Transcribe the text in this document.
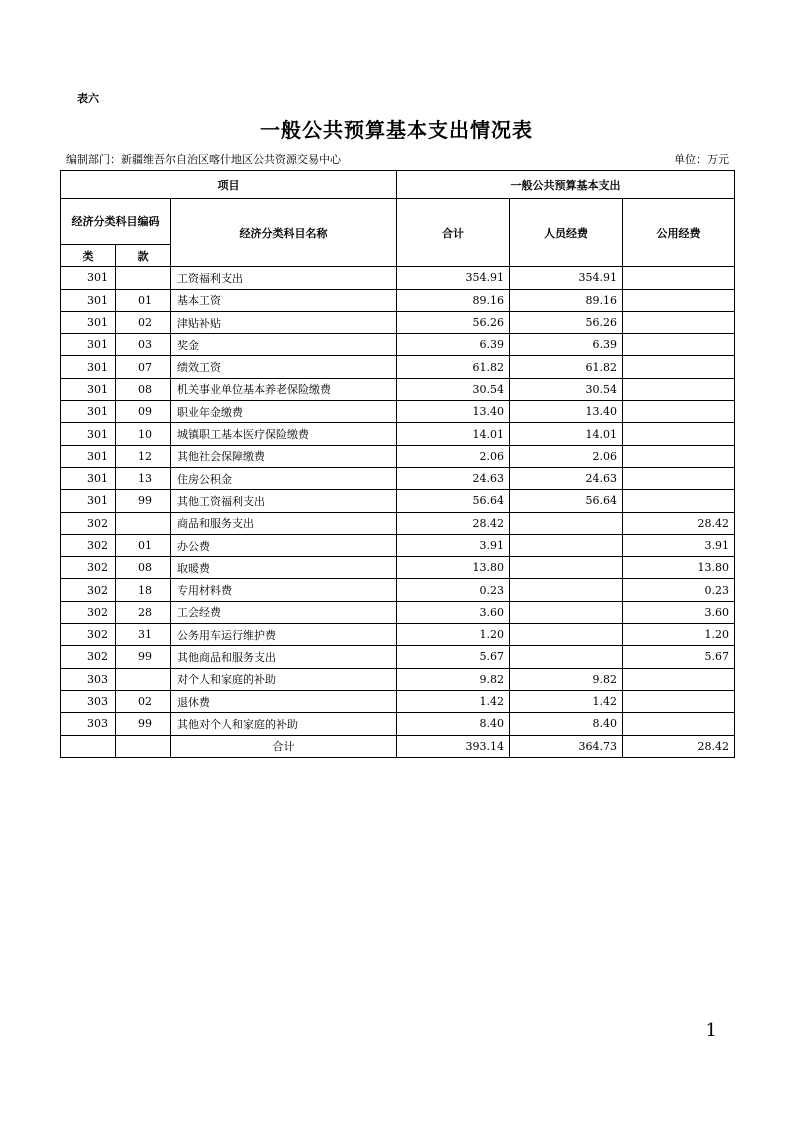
表六
一般公共预算基本支出情况表
编制部门：新疆维吾尔自治区喀什地区公共资源交易中心	单位：万元
项目			一般公共预算基本支出		
经济分类科目编码		经济分类科目名称	合计	人员经费	公用经费
类	款				
301		工资福利支出	354.91	354.91	
301	01	基本工资	89.16	89.16	
301	02	津贴补贴	56.26	56.26	
301	03	奖金	6.39	6.39	
301	07	绩效工资	61.82	61.82	
301	08	机关事业单位基本养老保险缴费	30.54	30.54	
301	09	职业年金缴费	13.40	13.40	
301	10	城镇职工基本医疗保险缴费	14.01	14.01	
301	12	其他社会保障缴费	2.06	2.06	
301	13	住房公积金	24.63	24.63	
301	99	其他工资福利支出	56.64	56.64	
302		商品和服务支出	28.42		28.42
302	01	办公费	3.91		3.91
302	08	取暖费	13.80		13.80
302	18	专用材料费	0.23		0.23
302	28	工会经费	3.60		3.60
302	31	公务用车运行维护费	1.20		1.20
302	99	其他商品和服务支出	5.67		5.67
303		对个人和家庭的补助	9.82	9.82	
303	02	退休费	1.42	1.42	
303	99	其他对个人和家庭的补助	8.40	8.40	
		合计	393.14	364.73	28.42
1
